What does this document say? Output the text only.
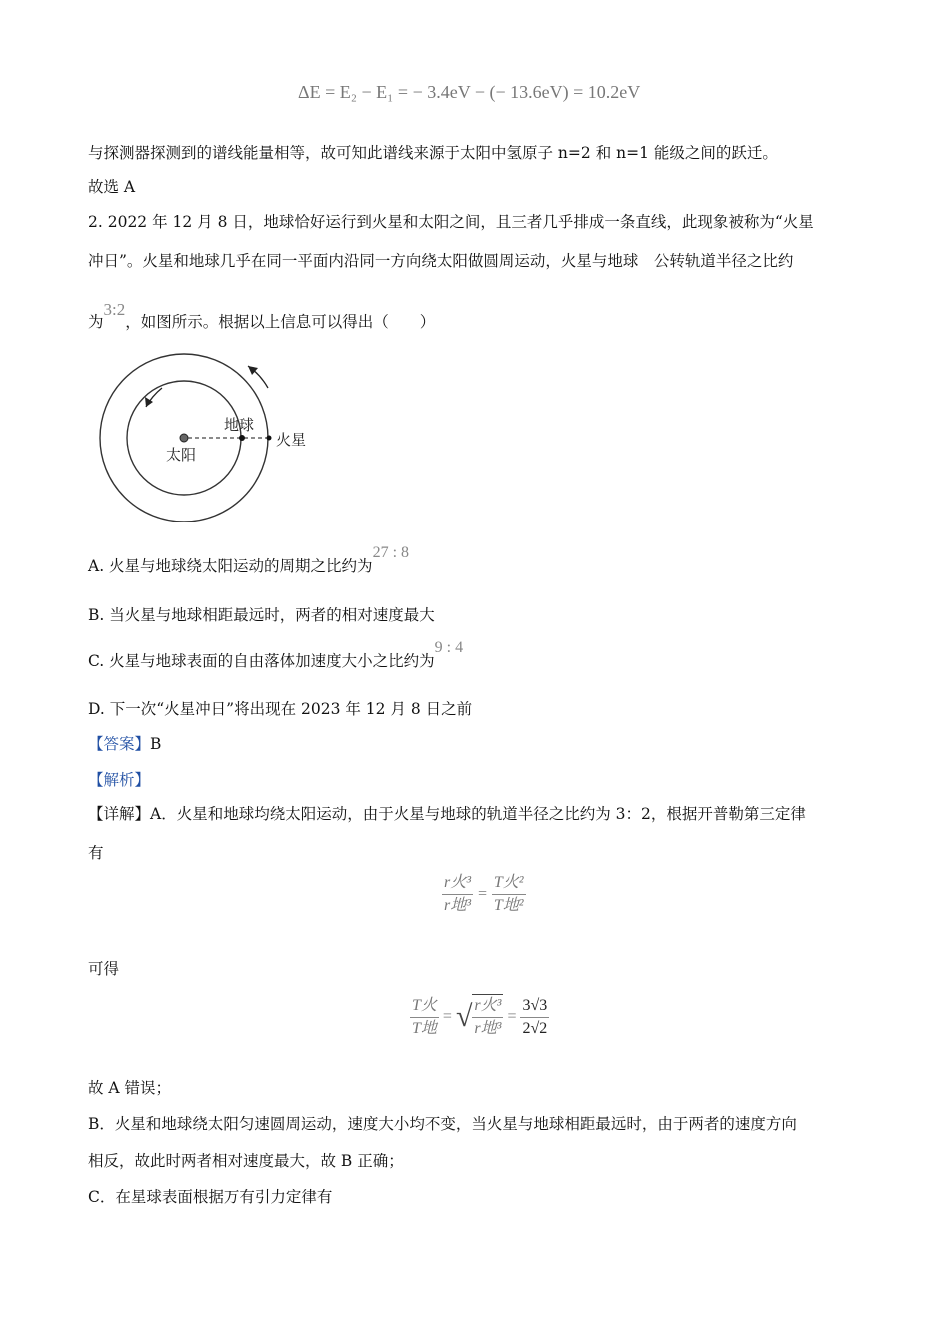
ΔE = E₂ − E₁ = − 3.4eV − (− 13.6eV) = 10.2eV
与探测器探测到的谱线能量相等，故可知此谱线来源于太阳中氢原子 n=2 和 n=1 能级之间的跃迁。
故选 A
2. 2022 年 12 月 8 日，地球恰好运行到火星和太阳之间，且三者几乎排成一条直线，此现象被称为“火星
冲日”。火星和地球几乎在同一平面内沿同一方向绕太阳做圆周运动，火星与地球　公转轨道半径之比约
为3:2，如图所示。根据以上信息可以得出（　　）
太阳
地球
火星
A. 火星与地球绕太阳运动的周期之比约为27 : 8
B. 当火星与地球相距最远时，两者的相对速度最大
C. 火星与地球表面的自由落体加速度大小之比约为9 : 4
D. 下一次“火星冲日”将出现在 2023 年 12 月 8 日之前
【答案】B
【解析】
【详解】A．火星和地球均绕太阳运动，由于火星与地球的轨道半径之比约为 3：2，根据开普勒第三定律
有
$\frac{\text{r火³}}{\text{r地³}} = \frac{\text{T火²}}{\text{T地²}}$
可得
$\frac{\text{T火}}{\text{T地}}$ = √ $\frac{\text{r火³}}{\text{r地³}} = \frac{3√3}{2√2}$
故 A 错误；
B．火星和地球绕太阳匀速圆周运动，速度大小均不变，当火星与地球相距最远时，由于两者的速度方向
相反，故此时两者相对速度最大，故 B 正确；
C．在星球表面根据万有引力定律有
